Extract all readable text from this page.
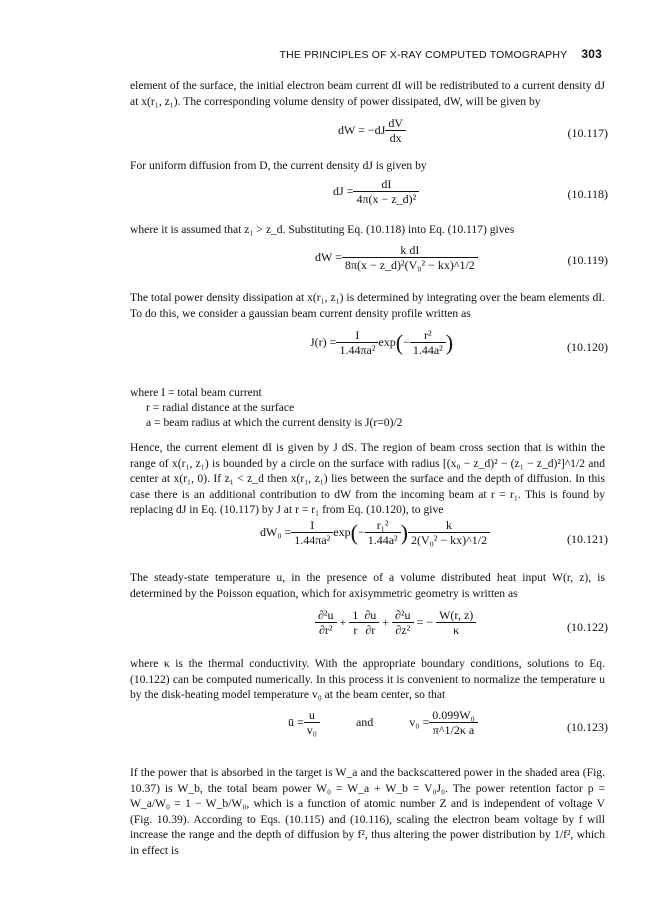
THE PRINCIPLES OF X-RAY COMPUTED TOMOGRAPHY 303
element of the surface, the initial electron beam current dI will be redistributed to a current density dJ at x(r₁, z₁). The corresponding volume density of power dissipated, dW, will be given by
dW = $-dJ \frac{dV}{dx}$	(10.117)
For uniform diffusion from D, the current density dJ is given by
dJ = $\frac{dI}{\text{4π(x − z\_d)²}}$	(10.118)
where it is assumed that z₁ > z_d. Substituting Eq. (10.118) into Eq. (10.117) gives
dW = $\frac{\text{k dI}}{\text{8π(x − z\_d)²(V₀² − kx)\textasciicircum{}1/2}}$	(10.119)
The total power density dissipation at x(r₁, z₁) is determined by integrating over the beam elements dI. To do this, we consider a gaussian beam current density profile written as
$J(r) = \frac{I}{\text{1.44πa²}}$ exp ( − $\frac{\text{r²}}{\text{1.44a²}}$ )	(10.120)
where I = total beam current
r = radial distance at the surface
a = beam radius at which the current density is J(r=0)/2
Hence, the current element dI is given by J dS. The region of beam cross section that is within the range of x(r₁, z₁) is bounded by a circle on the surface with radius [(x₀ − z_d)² − (z₁ − z_d)²]^1/2 and center at x(r₁, 0). If z₁ < z_d then x(r₁, z₁) lies between the surface and the depth of diffusion. In this case there is an additional contribution to dW from the incoming beam at r = r₁. This is found by replacing dJ in Eq. (10.117) by J at r = r₁ from Eq. (10.120), to give
$dW_0 = \frac{I}{\text{1.44πa²}}$ exp ( − $\frac{\text{r₁²}}{\text{1.44a²}}$ ) $\frac{k}{\text{2(V₀² − kx)\textasciicircum{}1/2}}$	(10.121)
The steady-state temperature u, in the presence of a volume distributed heat input W(r, z), is determined by the Poisson equation, which for axisymmetric geometry is written as
$\frac{\text{∂²u}}{\text{∂r²}} + \frac{1}{r} \frac{\partial u}{\partial r} + \frac{\text{∂²u}}{\text{∂z²}}$ = − $\frac{W(r, z)}{\kappa}$	(10.122)
where κ is the thermal conductivity. With the appropriate boundary conditions, solutions to Eq. (10.122) can be computed numerically. In this process it is convenient to normalize the temperature u by the disk-heating model temperature v₀ at the beam center, so that
ū = $\frac{u}{\text{v₀}}$	and	$v_0 = \frac{\text{0.099W₀}}{\text{π\textasciicircum{}1/2κ a}}$	(10.123)
If the power that is absorbed in the target is W_a and the backscattered power in the shaded area (Fig. 10.37) is W_b, the total beam power W₀ = W_a + W_b = V₀J₀. The power retention factor p = W_a/W₀ = 1 − W_b/W₀, which is a function of atomic number Z and is independent of voltage V (Fig. 10.39). According to Eqs. (10.115) and (10.116), scaling the electron beam voltage by f will increase the range and the depth of diffusion by f², thus altering the power distribution by 1/f², which in effect is
